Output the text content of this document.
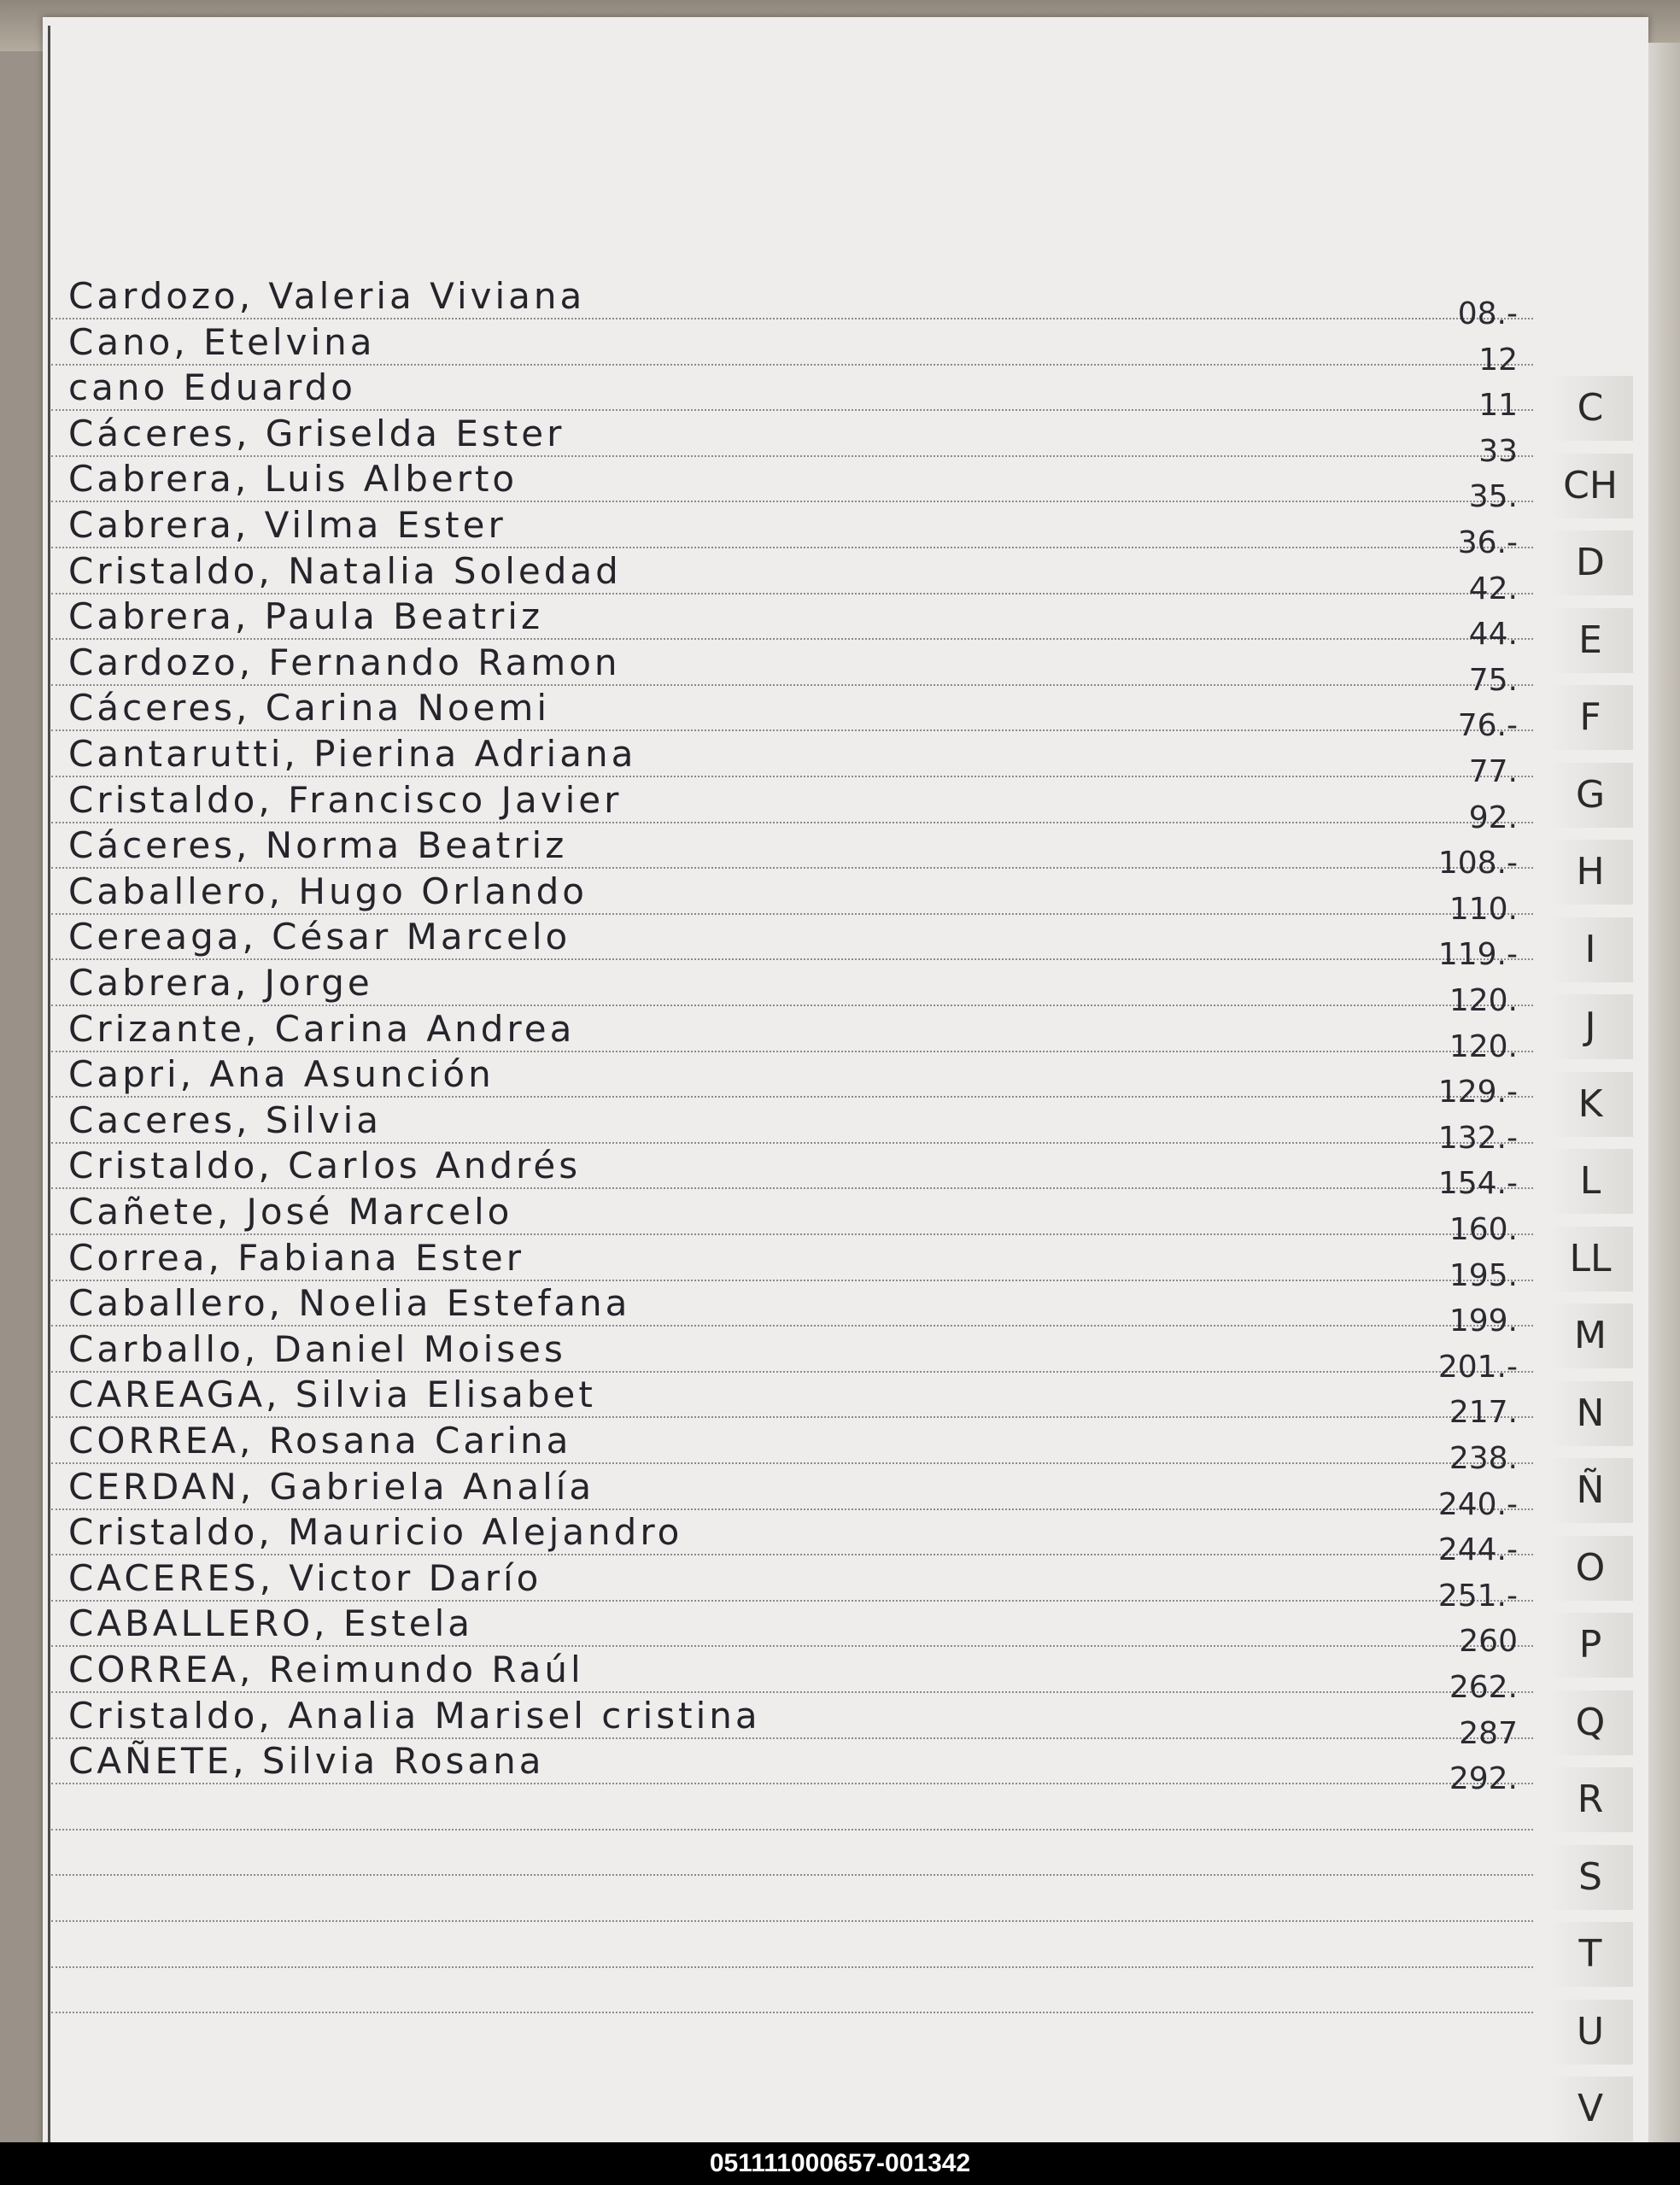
Cardozo, Valeria Viviana	08.-
Cano, Etelvina	12
cano Eduardo	11
Cáceres, Griselda Ester	33
Cabrera, Luis Alberto	35.
Cabrera, Vilma Ester	36.-
Cristaldo, Natalia Soledad	42.
Cabrera, Paula Beatriz	44.
Cardozo, Fernando Ramon	75.
Cáceres, Carina Noemi	76.-
Cantarutti, Pierina Adriana	77.
Cristaldo, Francisco Javier	92.
Cáceres, Norma Beatriz	108.-
Caballero, Hugo Orlando	110.
Cereaga, César Marcelo	119.-
Cabrera, Jorge	120.
Crizante, Carina Andrea	120.
Capri, Ana Asunción	129.-
Caceres, Silvia	132.-
Cristaldo, Carlos Andrés	154.-
Cañete, José Marcelo	160.
Correa, Fabiana Ester	195.
Caballero, Noelia Estefana	199.
Carballo, Daniel Moises	201.-
CAREAGA, Silvia Elisabet	217.
CORREA, Rosana Carina	238.
CERDAN, Gabriela Analía	240.-
Cristaldo, Mauricio Alejandro	244.-
CACERES, Victor Darío	251.-
CABALLERO, Estela	260
CORREA, Reimundo Raúl	262.
Cristaldo, Analia Marisel cristina	287
CAÑETE, Silvia Rosana	292.
C
CH
D
E
F
G
H
I
J
K
L
LL
M
N
Ñ
O
P
Q
R
S
T
U
V
051111000657-001342
